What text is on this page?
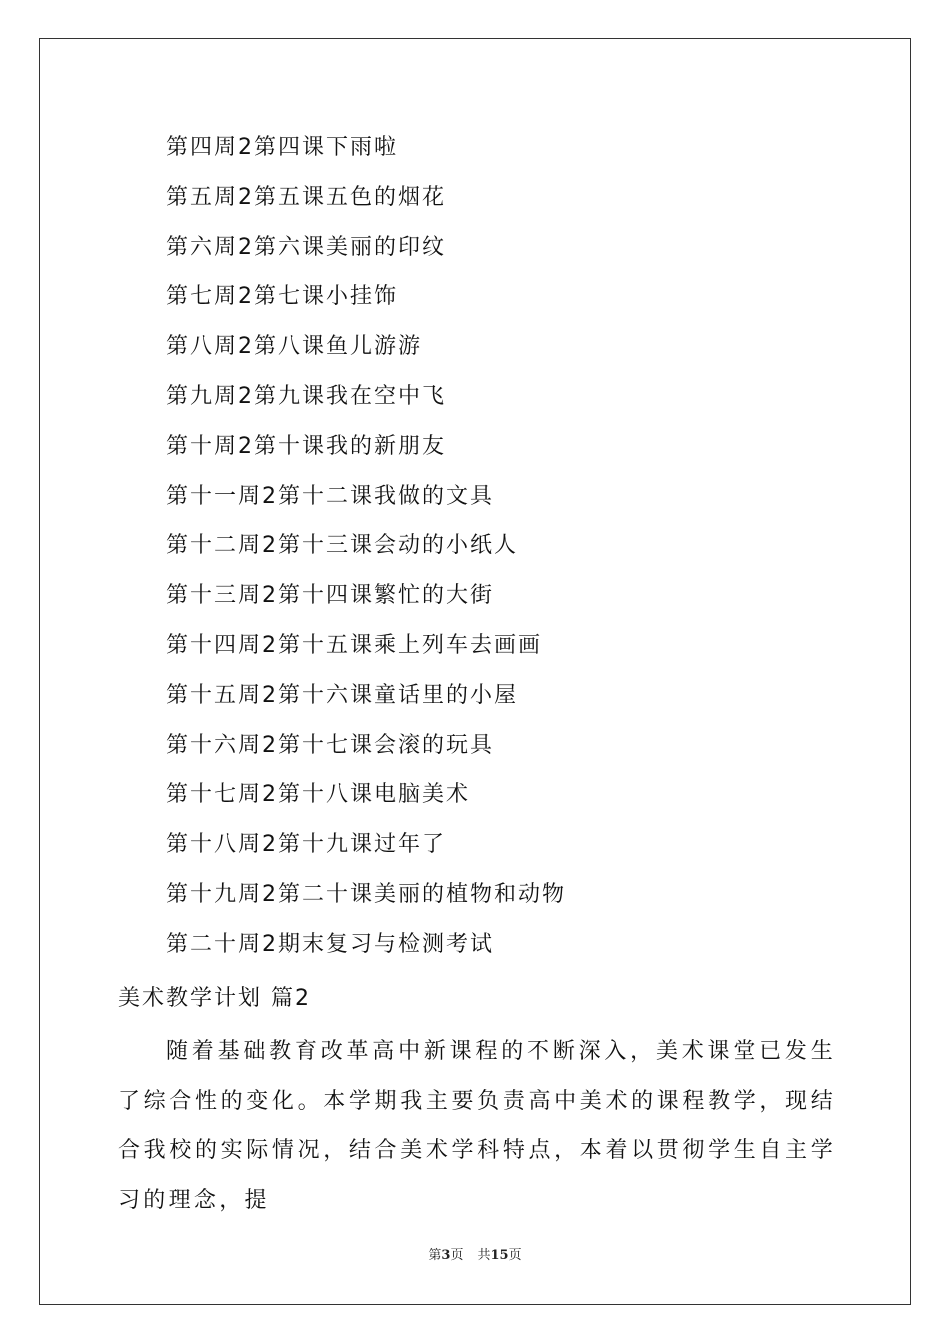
第四周2第四课下雨啦
第五周2第五课五色的烟花
第六周2第六课美丽的印纹
第七周2第七课小挂饰
第八周2第八课鱼儿游游
第九周2第九课我在空中飞
第十周2第十课我的新朋友
第十一周2第十二课我做的文具
第十二周2第十三课会动的小纸人
第十三周2第十四课繁忙的大街
第十四周2第十五课乘上列车去画画
第十五周2第十六课童话里的小屋
第十六周2第十七课会滚的玩具
第十七周2第十八课电脑美术
第十八周2第十九课过年了
第十九周2第二十课美丽的植物和动物
第二十周2期末复习与检测考试
美术教学计划 篇2

随着基础教育改革高中新课程的不断深入，美术课堂已发生了综合性的变化。本学期我主要负责高中美术的课程教学，现结合我校的实际情况，结合美术学科特点，本着以贯彻学生自主学习的理念，提

第3页 共15页
